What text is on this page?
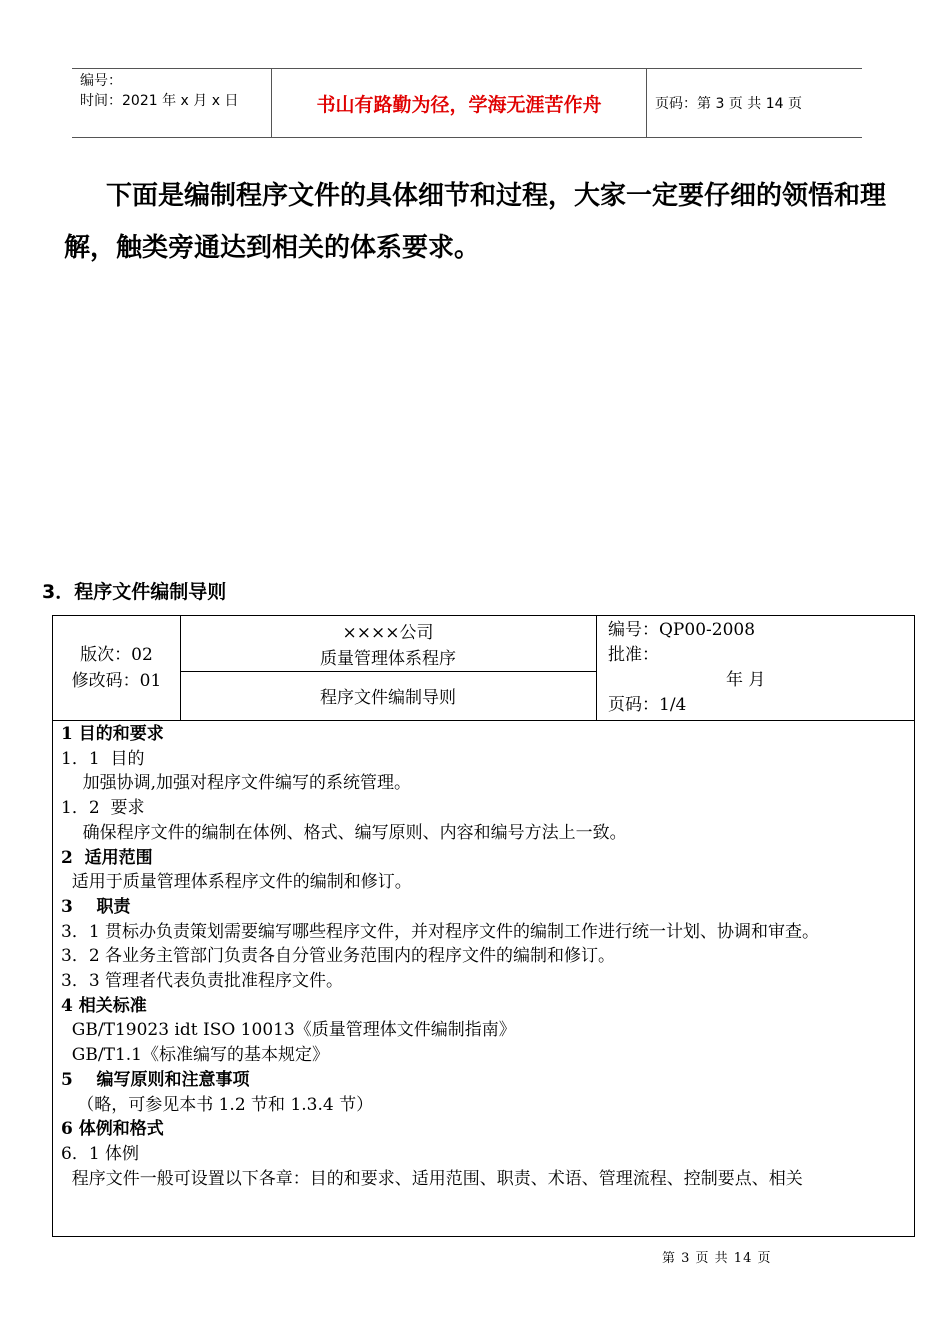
编号：
时间：2021 年 x 月 x 日	书山有路勤为径，学海无涯苦作舟	页码：第 3 页 共 14 页

下面是编制程序文件的具体细节和过程，大家一定要仔细的领悟和理解，触类旁通达到相关的体系要求。

3．程序文件编制导则
版次：02
修改码：01
××××公司
质量管理体系程序
程序文件编制导则
编号：QP00-2008
批准：
年 月
页码：1/4
1 目的和要求
1．1  目的
加强协调,加强对程序文件编写的系统管理。
1．2  要求
确保程序文件的编制在体例、格式、编写原则、内容和编号方法上一致。
2  适用范围
适用于质量管理体系程序文件的编制和修订。
3    职责
3．1 贯标办负责策划需要编写哪些程序文件，并对程序文件的编制工作进行统一计划、协调和审查。
3．2 各业务主管部门负责各自分管业务范围内的程序文件的编制和修订。
3．3 管理者代表负责批准程序文件。
4 相关标准
GB/T19023 idt ISO 10013《质量管理体文件编制指南》
GB/T1.1《标准编写的基本规定》
5    编写原则和注意事项
（略，可参见本书 1.2 节和 1.3.4 节）
6 体例和格式
6．1 体例
程序文件一般可设置以下各章：目的和要求、适用范围、职责、术语、管理流程、控制要点、相关
第 3 页 共 14 页
